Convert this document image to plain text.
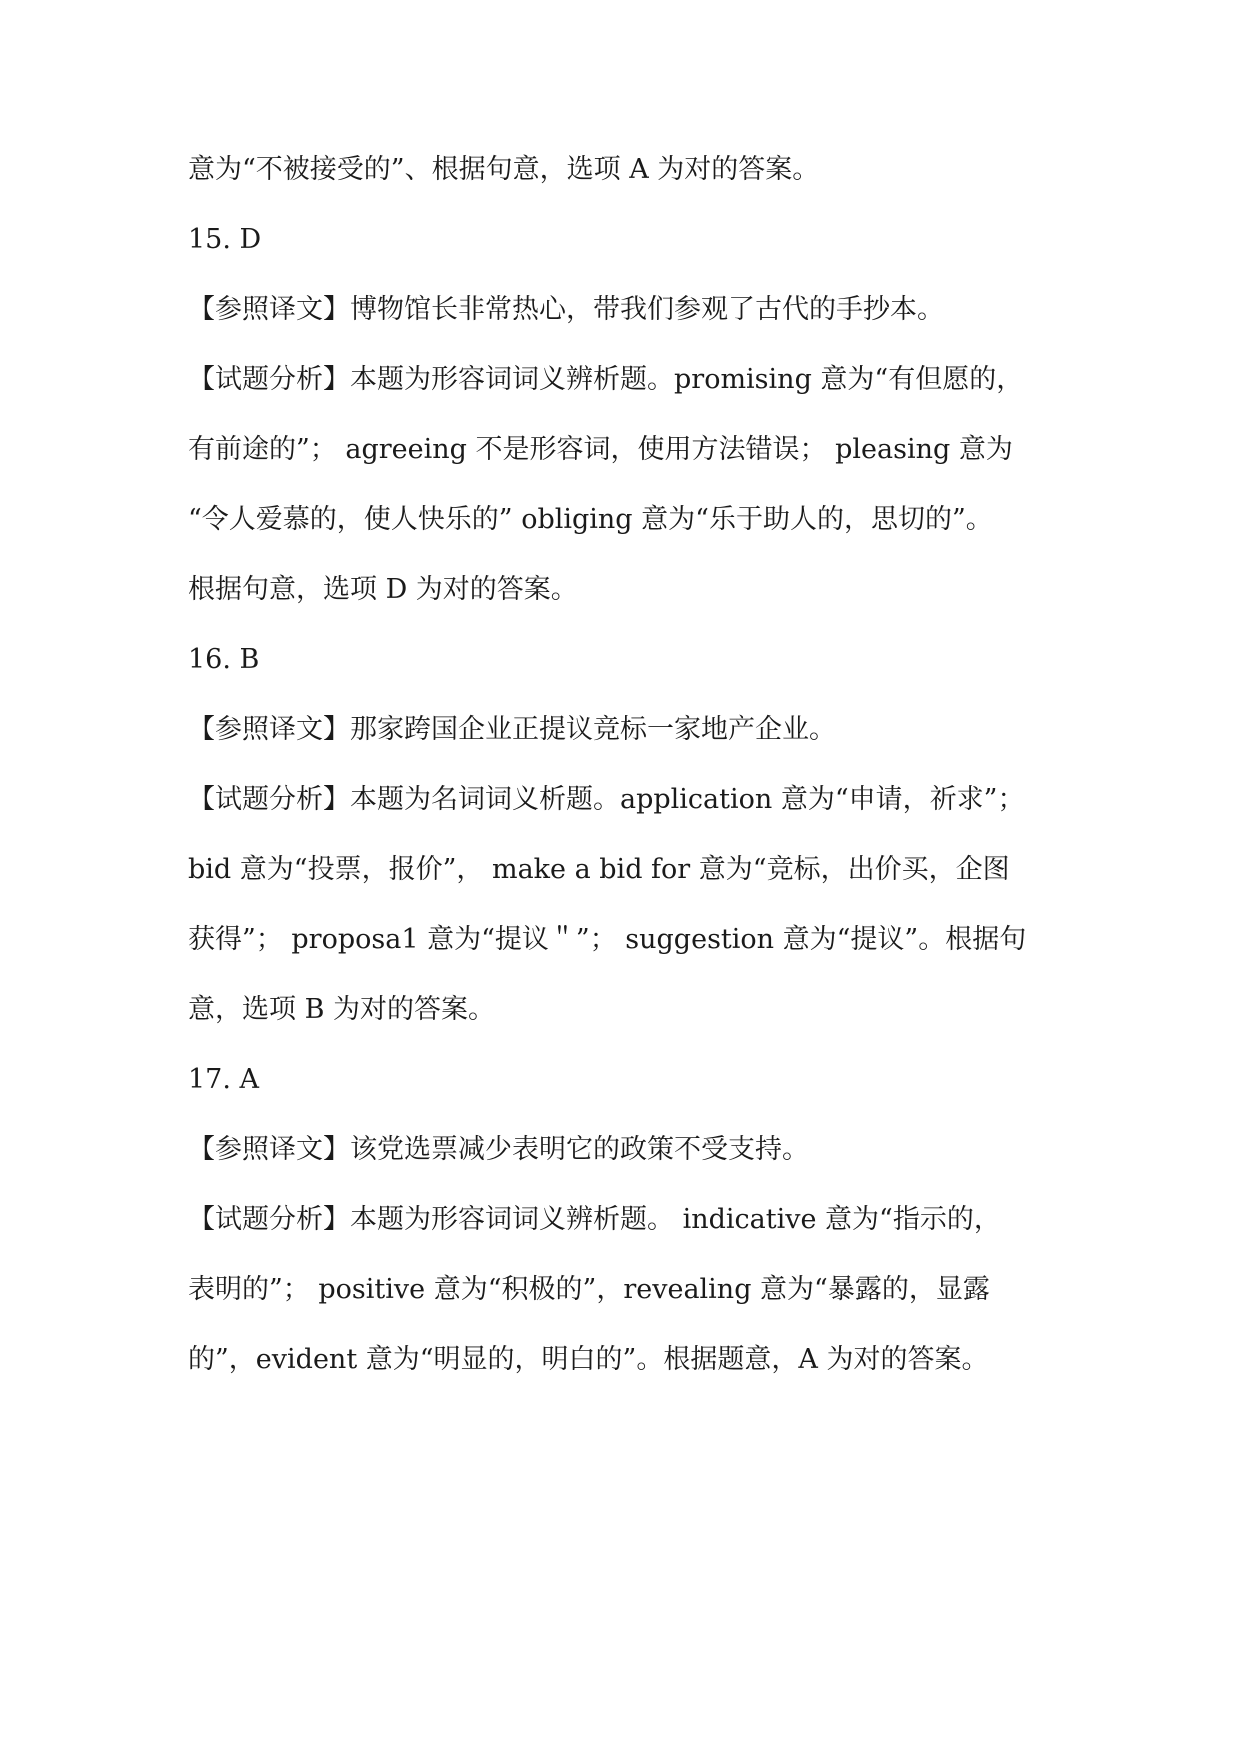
意为“不被接受的”、根据句意，选项 A 为对的答案。
15. D
【参照译文】博物馆长非常热心，带我们参观了古代的手抄本。
【试题分析】本题为形容词词义辨析题。promising 意为“有但愿的，
有前途的”； agreeing 不是形容词，使用方法错误； pleasing 意为
“令人爱慕的，使人快乐的” obliging 意为“乐于助人的，思切的”。
根据句意，选项 D 为对的答案。
16. B
【参照译文】那家跨国企业正提议竞标一家地产企业。
【试题分析】本题为名词词义析题。application 意为“申请，祈求”；
bid 意为“投票，报价”， make a bid for 意为“竞标，出价买，企图
获得”； proposa1 意为“提议＂”； suggestion 意为“提议”。根据句
意，选项 B 为对的答案。
17. A
【参照译文】该党选票减少表明它的政策不受支持。
【试题分析】本题为形容词词义辨析题。 indicative 意为“指示的，
表明的”； positive 意为“积极的”，revealing 意为“暴露的，显露
的”，evident 意为“明显的，明白的”。根据题意，A 为对的答案。
